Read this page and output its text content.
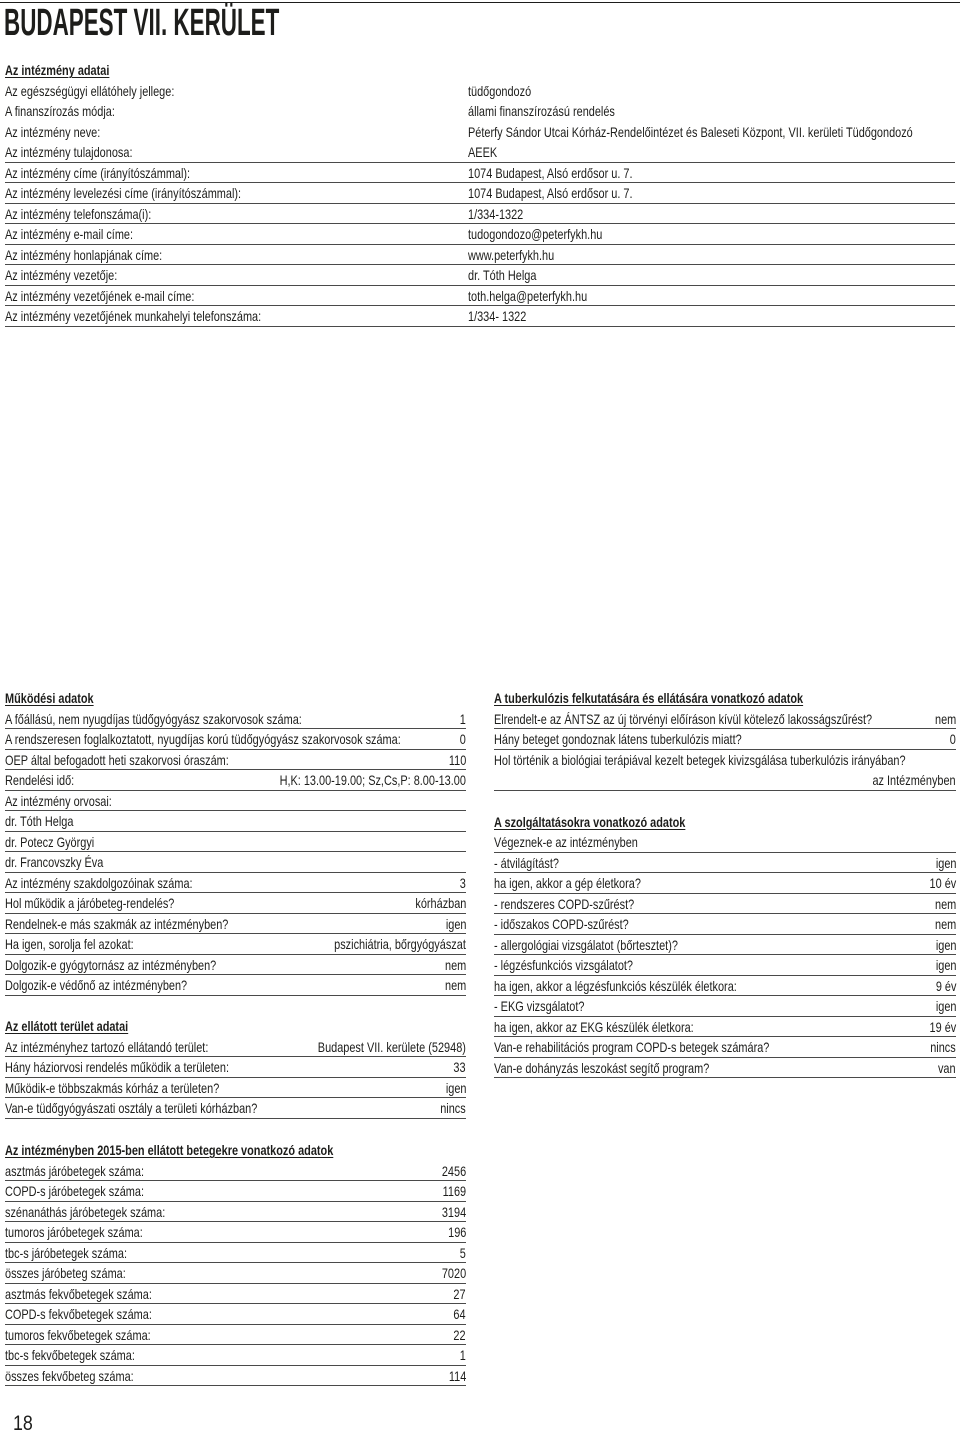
BUDAPEST VII. KERÜLET
Az intézmény adatai
Az egészségügyi ellátóhely jellege:	tüdőgondozó
A finanszírozás módja:	állami finanszírozású rendelés
Az intézmény neve:	Péterfy Sándor Utcai Kórház-Rendelőintézet és Baleseti Központ, VII. kerületi Tüdőgondozó
Az intézmény tulajdonosa:	AEEK
Az intézmény címe (irányítószámmal):	1074 Budapest, Alsó erdősor u. 7.
Az intézmény levelezési címe (irányítószámmal):	1074 Budapest, Alsó erdősor u. 7.
Az intézmény telefonszáma(i):	1/334-1322
Az intézmény e-mail címe:	tudogondozo@peterfykh.hu
Az intézmény honlapjának címe:	www.peterfykh.hu
Az intézmény vezetője:	dr. Tóth Helga
Az intézmény vezetőjének e-mail címe:	toth.helga@peterfykh.hu
Az intézmény vezetőjének munkahelyi telefonszáma:	1/334- 1322
Működési adatok
A főállású, nem nyugdíjas tüdőgyógyász szakorvosok száma:	1
A rendszeresen foglalkoztatott, nyugdíjas korú tüdőgyógyász szakorvosok száma:	0
OEP által befogadott heti szakorvosi óraszám:	110
Rendelési idő:	H,K: 13.00-19.00; Sz,Cs,P: 8.00-13.00
Az intézmény orvosai:
dr. Tóth Helga
dr. Potecz Györgyi
dr. Francovszky Éva
Az intézmény szakdolgozóinak száma:	3
Hol működik a járóbeteg-rendelés?	kórházban
Rendelnek-e más szakmák az intézményben?	igen
Ha igen, sorolja fel azokat:	pszichiátria, bőrgyógyászat
Dolgozik-e gyógytornász az intézményben?	nem
Dolgozik-e védőnő az intézményben?	nem
Az ellátott terület adatai
Az intézményhez tartozó ellátandó terület:	Budapest VII. kerülete (52948)
Hány háziorvosi rendelés működik a területen:	33
Működik-e többszakmás kórház a területen?	igen
Van-e tüdőgyógyászati osztály a területi kórházban?	nincs
A tuberkulózis felkutatására és ellátására vonatkozó adatok
Elrendelt-e az ÁNTSZ az új törvényi előíráson kívül kötelező lakosságszűrést?	nem
Hány beteget gondoznak látens tuberkulózis miatt?	0
Hol történik a biológiai terápiával kezelt betegek kivizsgálása tuberkulózis irányában?
az Intézményben
A szolgáltatásokra vonatkozó adatok
Végeznek-e az intézményben
- átvilágítást?	igen
ha igen, akkor a gép életkora?	10 év
- rendszeres COPD-szűrést?	nem
- időszakos COPD-szűrést?	nem
- allergológiai vizsgálatot (bőrtesztet)?	igen
- légzésfunkciós vizsgálatot?	igen
ha igen, akkor a légzésfunkciós készülék életkora:	9 év
- EKG vizsgálatot?	igen
ha igen, akkor az EKG készülék életkora:	19 év
Van-e rehabilitációs program COPD-s betegek számára?	nincs
Van-e dohányzás leszokást segítő program?	van
Az intézményben 2015-ben ellátott betegekre vonatkozó adatok
asztmás járóbetegek száma:	2456
COPD-s járóbetegek száma:	1169
szénanáthás járóbetegek száma:	3194
tumoros járóbetegek száma:	196
tbc-s járóbetegek száma:	5
összes járóbeteg száma:	7020
asztmás fekvőbetegek száma:	27
COPD-s fekvőbetegek száma:	64
tumoros fekvőbetegek száma:	22
tbc-s fekvőbetegek száma:	1
összes fekvőbeteg száma:	114
18
